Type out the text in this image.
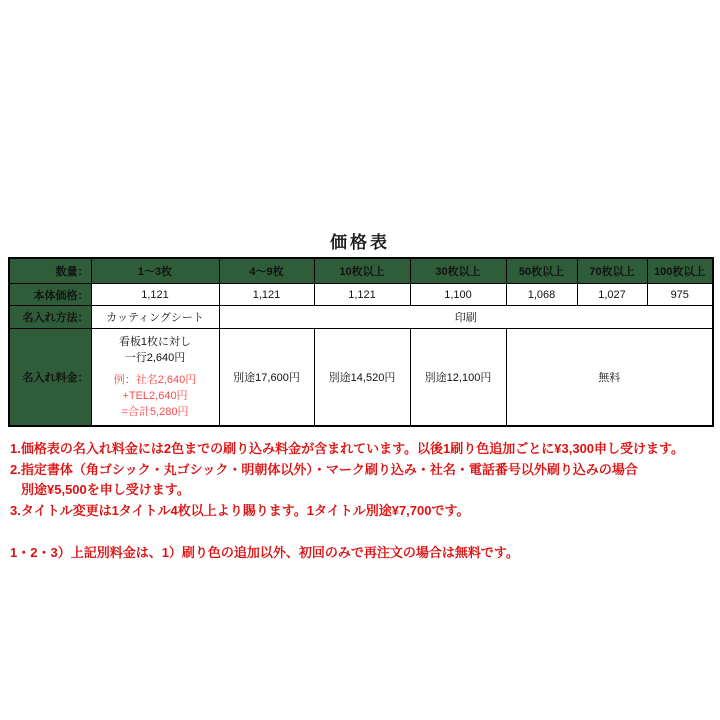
価格表
数量：	1～3枚	4～9枚	10枚以上	30枚以上	50枚以上	70枚以上	100枚以上
本体価格：	1,121	1,121	1,121	1,100	1,068	1,027	975
名入れ方法：	カッティングシート	印刷					
名入れ料金：	看板1枚に対し
一行2,640円
例：社名2,640円
+TEL2,640円
=合計5,280円	別途17,600円	別途14,520円	別途12,100円	無料		
1.価格表の名入れ料金には2色までの刷り込み料金が含まれています。以後1刷り色追加ごとに¥3,300申し受けます。
2.指定書体（角ゴシック・丸ゴシック・明朝体以外）・マーク刷り込み・社名・電話番号以外刷り込みの場合
別途¥5,500を申し受けます。
3.タイトル変更は1タイトル4枚以上より賜ります。1タイトル別途¥7,700です。
1・2・3）上記別料金は、1）刷り色の追加以外、初回のみで再注文の場合は無料です。
